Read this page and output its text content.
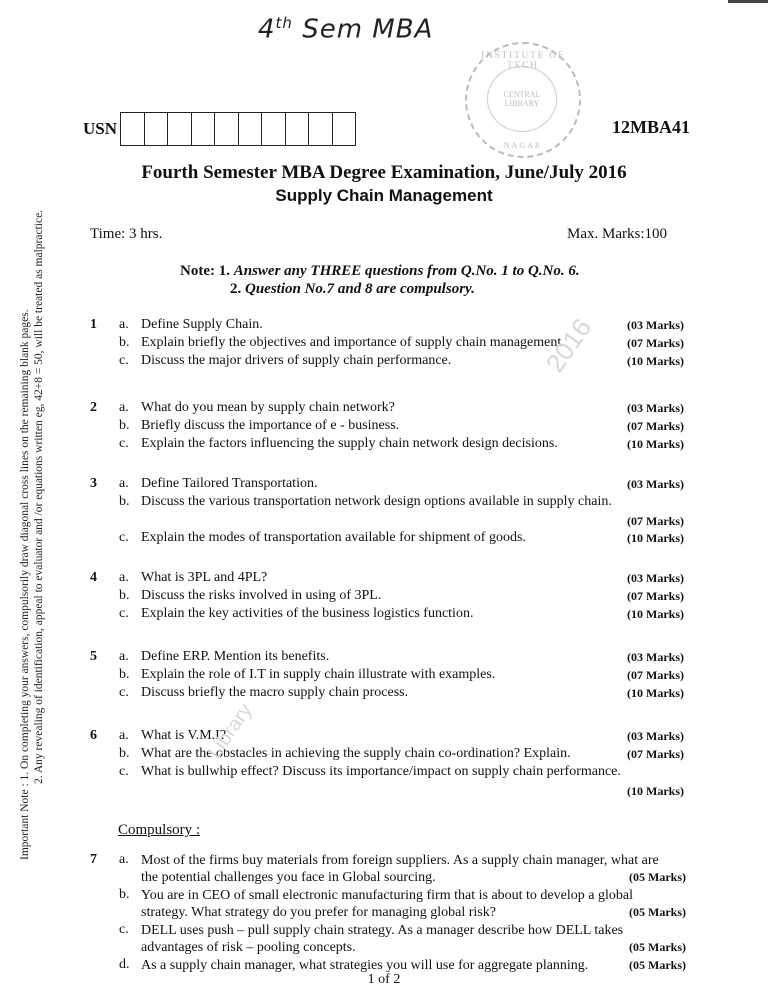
4th Sem MBA
INSTITUTE OF TECH
CENTRAL
LIBRARY
NAGAR
USN	12MBA41
Fourth Semester MBA Degree Examination, June/July 2016
Supply Chain Management
Time: 3 hrs.	Max. Marks:100
Note: 1. Answer any THREE questions from Q.No. 1 to Q.No. 6.
2. Question No.7 and 8 are compulsory.
1	a. Define Supply Chain.	(03 Marks)
b. Explain briefly the objectives and importance of supply chain management.	(07 Marks)
c. Discuss the major drivers of supply chain performance.	(10 Marks)
2	a. What do you mean by supply chain network?	(03 Marks)
b. Briefly discuss the importance of e - business.	(07 Marks)
c. Explain the factors influencing the supply chain network design decisions.	(10 Marks)
3	a. Define Tailored Transportation.	(03 Marks)
b. Discuss the various transportation network design options available in supply chain.
(07 Marks)
c. Explain the modes of transportation available for shipment of goods.	(10 Marks)
4	a. What is 3PL and 4PL?	(03 Marks)
b. Discuss the risks involved in using of 3PL.	(07 Marks)
c. Explain the key activities of the business logistics function.	(10 Marks)
5	a. Define ERP. Mention its benefits.	(03 Marks)
b. Explain the role of I.T in supply chain illustrate with examples.	(07 Marks)
c. Discuss briefly the macro supply chain process.	(10 Marks)
6	a. What is V.M.I?	(03 Marks)
b. What are the obstacles in achieving the supply chain co-ordination? Explain.	(07 Marks)
c. What is bullwhip effect? Discuss its importance/impact on supply chain performance.
(10 Marks)
Compulsory :
7	a. Most of the firms buy materials from foreign suppliers. As a supply chain manager, what are
the potential challenges you face in Global sourcing.	(05 Marks)
b. You are in CEO of small electronic manufacturing firm that is about to develop a global
strategy. What strategy do you prefer for managing global risk?	(05 Marks)
c. DELL uses push – pull supply chain strategy. As a manager describe how DELL takes
advantages of risk – pooling concepts.	(05 Marks)
d. As a supply chain manager, what strategies you will use for aggregate planning.	(05 Marks)
1 of 2
Important Note : 1. On completing your answers, compulsorily draw diagonal cross lines on the remaining blank pages. 2. Any revealing of identification, appeal to evaluator and /or equations written eg, 42+8 = 50, will be treated as malpractice.	2016
Library
